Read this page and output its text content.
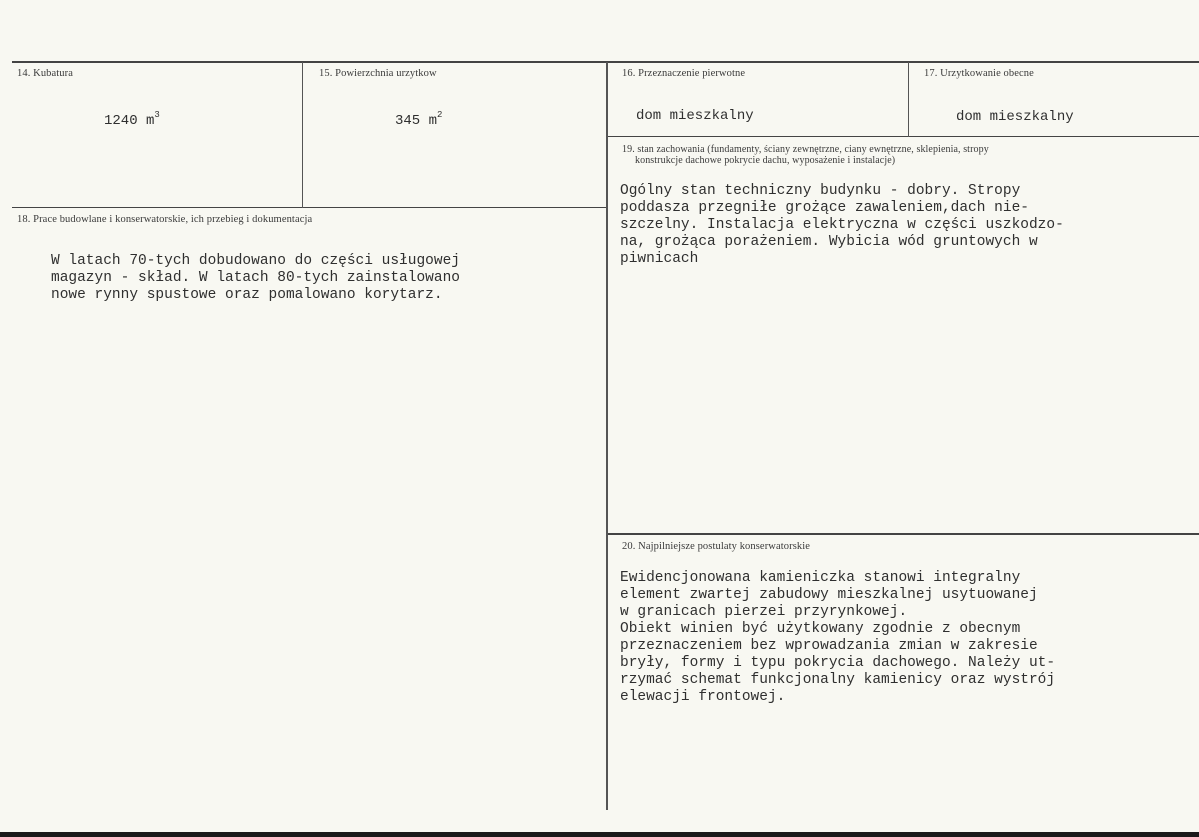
14. Kubatura
1240 $m^3$
15. Powierzchnia urzytkow
345 $m^2$
16. Przeznaczenie pierwotne
dom mieszkalny
17. Urzytkowanie obecne
dom mieszkalny
19. stan zachowania (fundamenty, ściany zewnętrzne, ciany ewnętrzne, sklepienia, stropy
konstrukcje dachowe pokrycie dachu, wyposażenie i instalacje)
Ogólny stan techniczny budynku - dobry. Stropy
poddasza przegniłe grożące zawaleniem,dach nie-
szczelny. Instalacja elektryczna w części uszkodzo-
na, grożąca porażeniem. Wybicia wód gruntowych w
piwnicach
18. Prace budowlane i konserwatorskie, ich przebieg i dokumentacja
W latach 70-tych dobudowano do części usługowej
magazyn - skład. W latach 80-tych zainstalowano
nowe rynny spustowe oraz pomalowano korytarz.
20. Najpilniejsze postulaty konserwatorskie
Ewidencjonowana kamieniczka stanowi integralny
element zwartej zabudowy mieszkalnej usytuowanej
w granicach pierzei przyrynkowej.
Obiekt winien być użytkowany zgodnie z obecnym
przeznaczeniem bez wprowadzania zmian w zakresie
bryły, formy i typu pokrycia dachowego. Należy ut-
rzymać schemat funkcjonalny kamienicy oraz wystrój
elewacji frontowej.
